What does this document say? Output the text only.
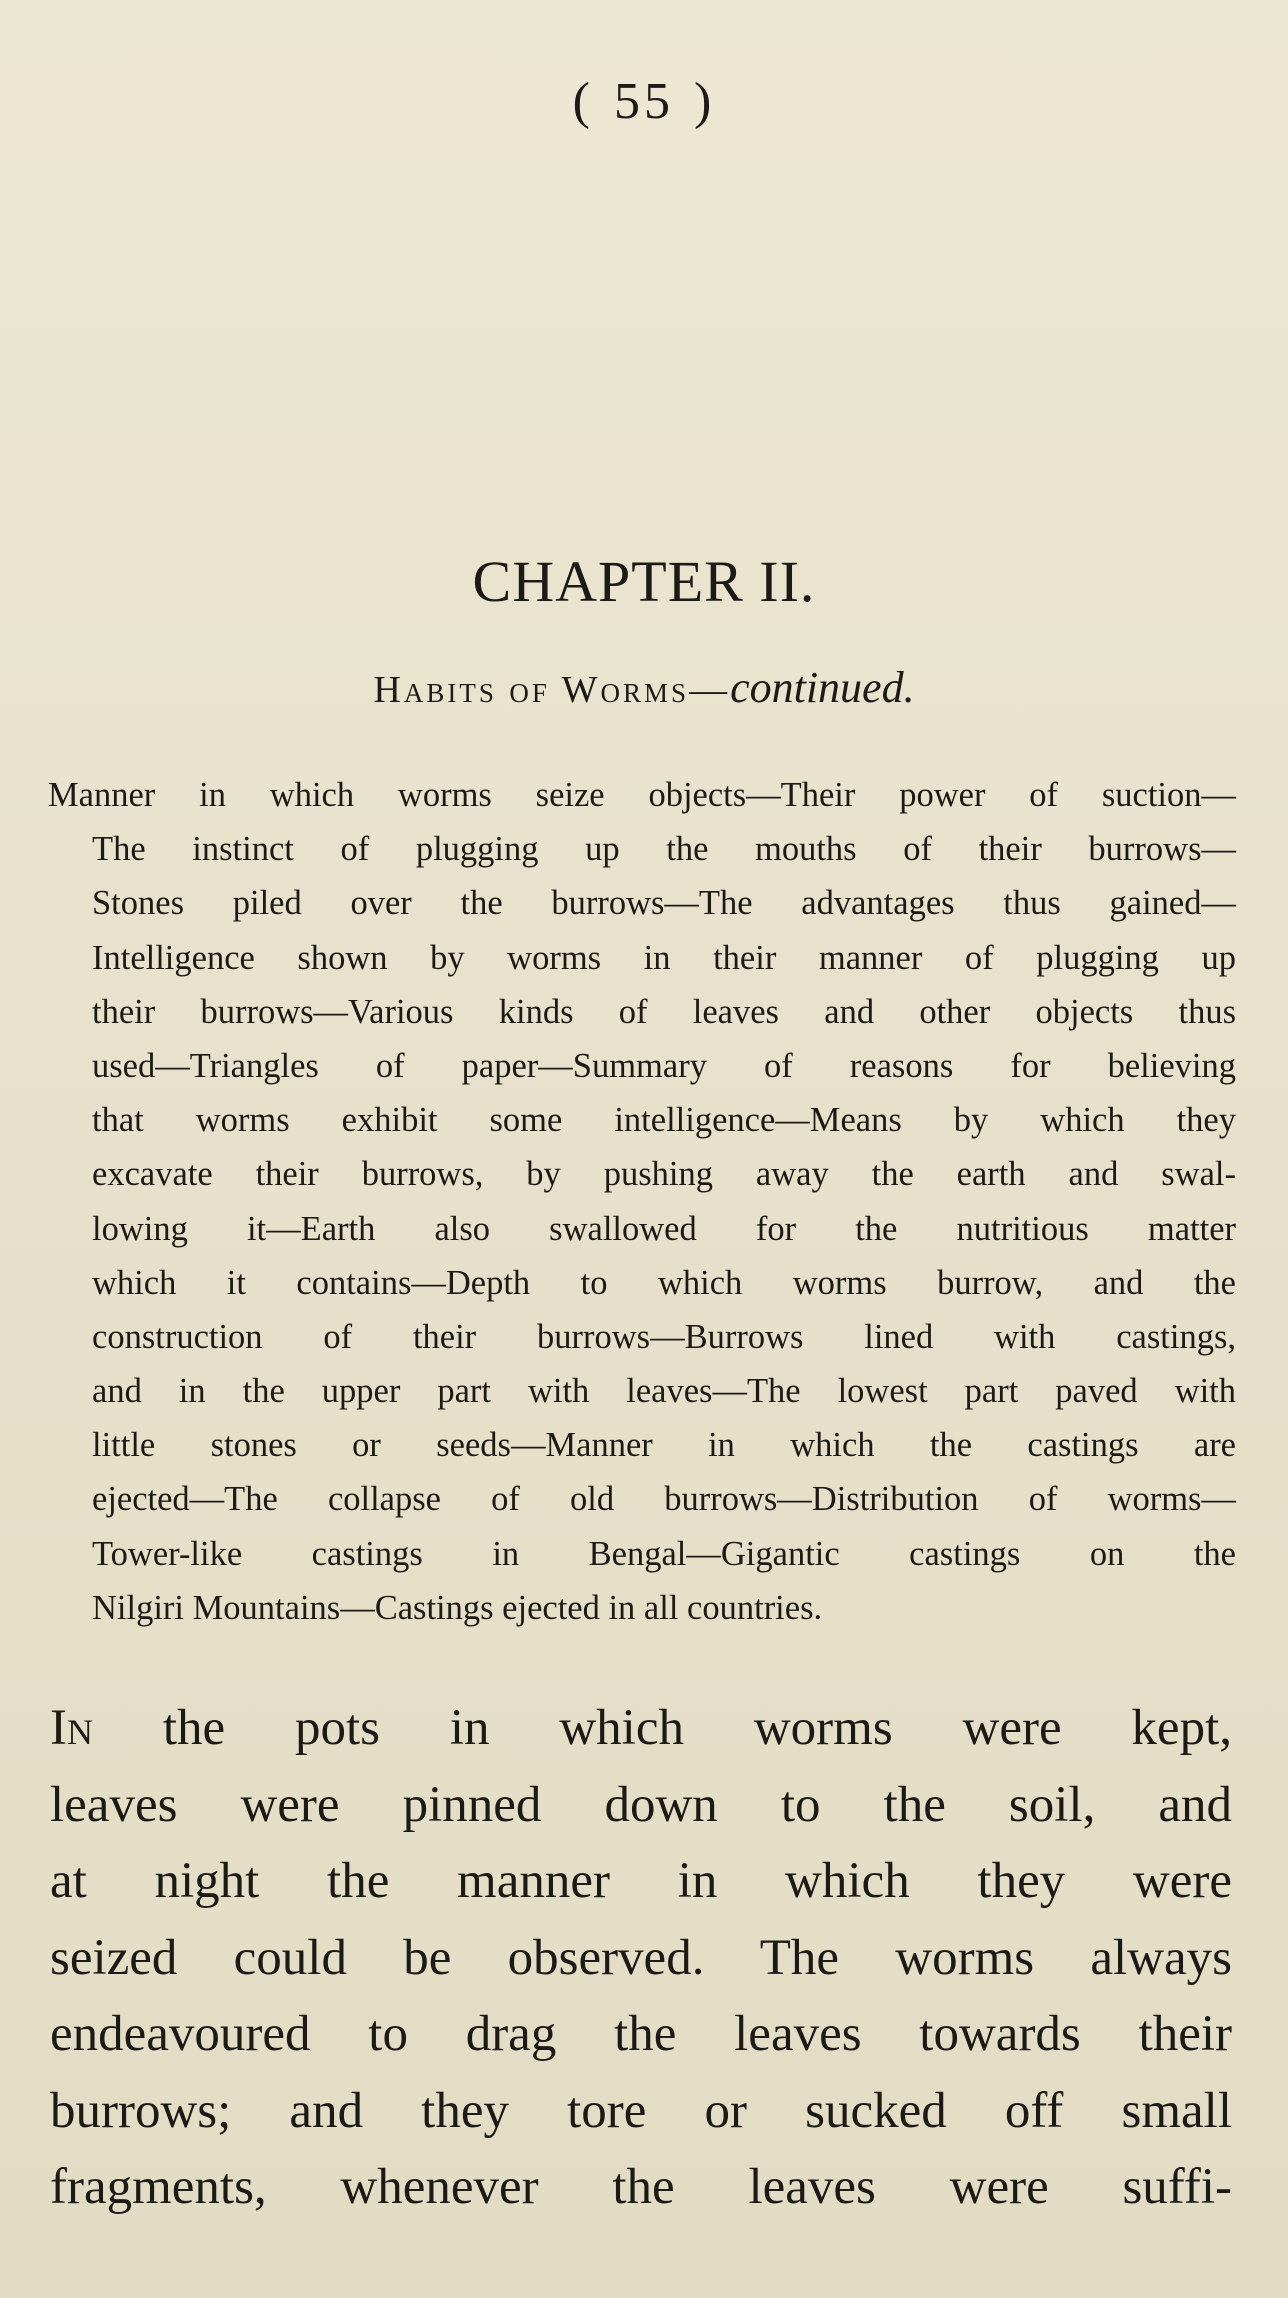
( 55 )
CHAPTER II.
Habits of Worms—continued.
Manner in which worms seize objects—Their power of suction—
The instinct of plugging up the mouths of their burrows—
Stones piled over the burrows—The advantages thus gained—
Intelligence shown by worms in their manner of plugging up
their burrows—Various kinds of leaves and other objects thus
used—Triangles of paper—Summary of reasons for believing
that worms exhibit some intelligence—Means by which they
excavate their burrows, by pushing away the earth and swal-
lowing it—Earth also swallowed for the nutritious matter
which it contains—Depth to which worms burrow, and the
construction of their burrows—Burrows lined with castings,
and in the upper part with leaves—The lowest part paved with
little stones or seeds—Manner in which the castings are
ejected—The collapse of old burrows—Distribution of worms—
Tower-like castings in Bengal—Gigantic castings on the
Nilgiri Mountains—Castings ejected in all countries.
In the pots in which worms were kept,
leaves were pinned down to the soil, and
at night the manner in which they were
seized could be observed. The worms always
endeavoured to drag the leaves towards their
burrows; and they tore or sucked off small
fragments, whenever the leaves were suffi-
